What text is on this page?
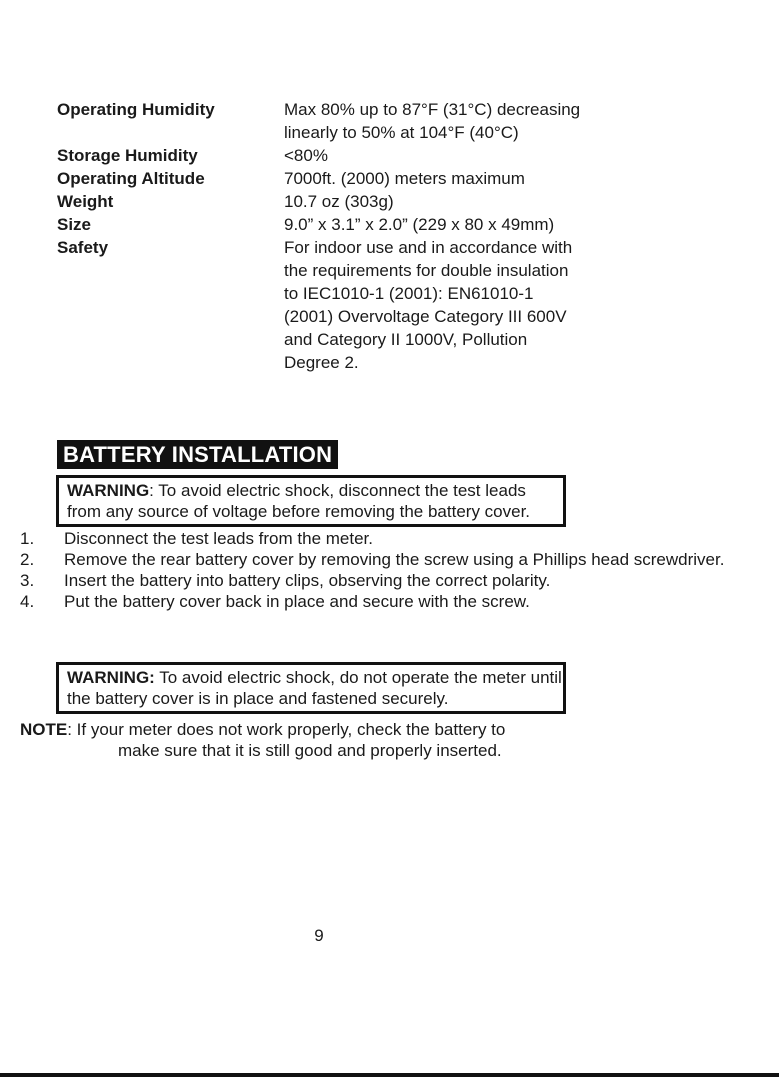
Operating Humidity	Max 80% up to 87°F (31°C) decreasing linearly to 50% at 104°F (40°C)
Storage Humidity	<80%
Operating Altitude	7000ft. (2000) meters maximum
Weight	10.7 oz (303g)
Size	9.0” x 3.1” x 2.0” (229 x 80 x 49mm)
Safety	For indoor use and in accordance with the requirements for double insulation to IEC1010-1 (2001): EN61010-1 (2001) Overvoltage Category III 600V and Category II 1000V, Pollution Degree 2.
BATTERY INSTALLATION
WARNING: To avoid electric shock, disconnect the test leads from any source of voltage before removing the battery cover.
1. Disconnect the test leads from the meter.
2. Remove the rear battery cover by removing the screw using a Phillips head screwdriver.
3. Insert the battery into battery clips, observing the correct polarity.
4. Put the battery cover back in place and secure with the screw.
WARNING: To avoid electric shock, do not operate the meter until the battery cover is in place and fastened securely.
NOTE: If your meter does not work properly, check the battery to
make sure that it is still good and properly inserted.
9
